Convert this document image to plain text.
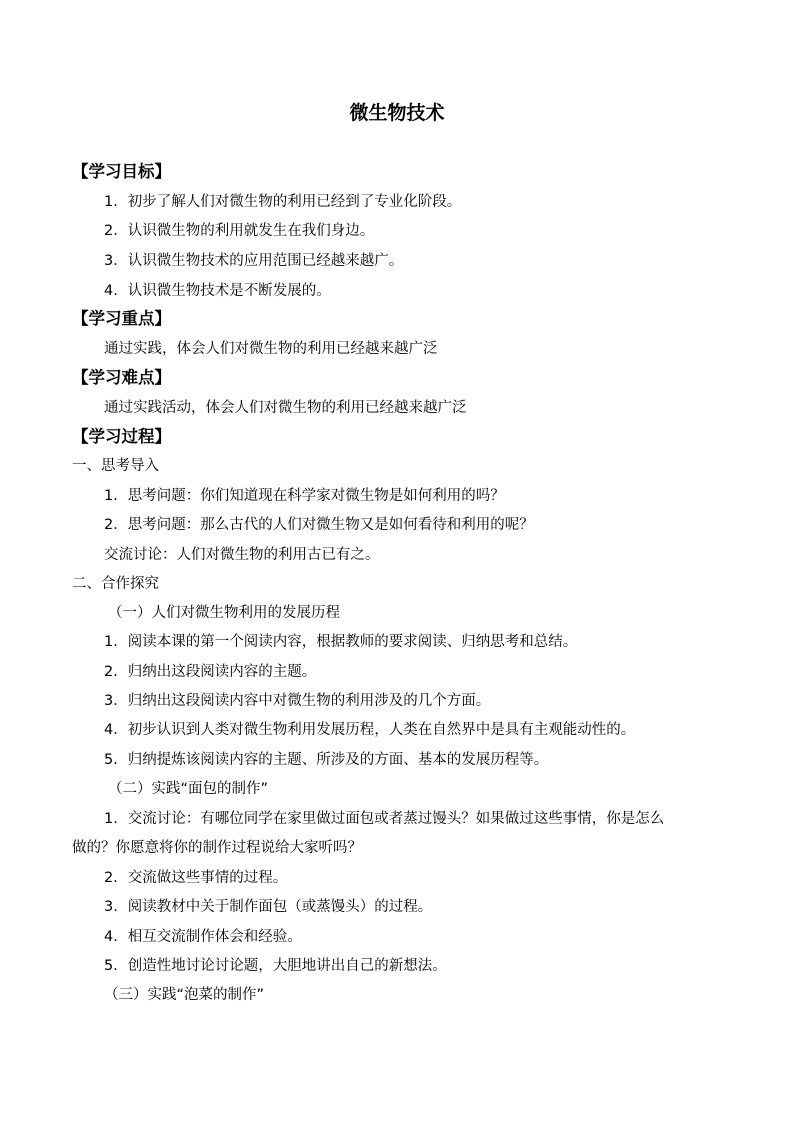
微生物技术
【学习目标】
1．初步了解人们对微生物的利用已经到了专业化阶段。
2．认识微生物的利用就发生在我们身边。
3．认识微生物技术的应用范围已经越来越广。
4．认识微生物技术是不断发展的。
【学习重点】
通过实践，体会人们对微生物的利用已经越来越广泛
【学习难点】
通过实践活动，体会人们对微生物的利用已经越来越广泛
【学习过程】
一、思考导入
1．思考问题：你们知道现在科学家对微生物是如何利用的吗？
2．思考问题：那么古代的人们对微生物又是如何看待和利用的呢？
交流讨论：人们对微生物的利用古已有之。
二、合作探究
（一）人们对微生物利用的发展历程
1．阅读本课的第一个阅读内容，根据教师的要求阅读、归纳思考和总结。
2．归纳出这段阅读内容的主题。
3．归纳出这段阅读内容中对微生物的利用涉及的几个方面。
4．初步认识到人类对微生物利用发展历程，人类在自然界中是具有主观能动性的。
5．归纳提炼该阅读内容的主题、所涉及的方面、基本的发展历程等。
（二）实践“面包的制作”
1．交流讨论：有哪位同学在家里做过面包或者蒸过馒头？如果做过这些事情，你是怎么
做的？你愿意将你的制作过程说给大家听吗？
2．交流做这些事情的过程。
3．阅读教材中关于制作面包（或蒸馒头）的过程。
4．相互交流制作体会和经验。
5．创造性地讨论讨论题，大胆地讲出自己的新想法。
（三）实践“泡菜的制作”
